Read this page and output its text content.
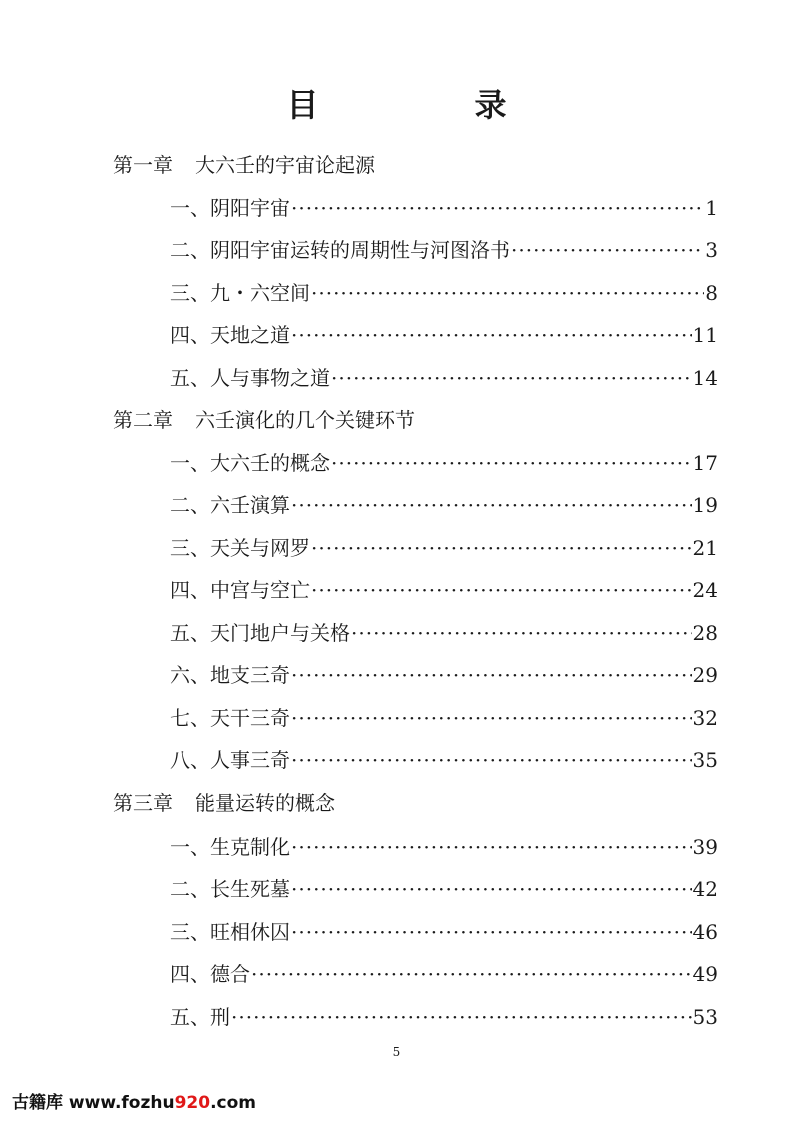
目　录
第一章 大六壬的宇宙论起源
一、阴阳宇宙 ·····	1
二、阴阳宇宙运转的周期性与河图洛书 ·····	3
三、九・六空间 ·····	8
四、天地之道 ·····	11
五、人与事物之道 ·····	14
第二章 六壬演化的几个关键环节
一、大六壬的概念 ·····	17
二、六壬演算 ·····	19
三、天关与网罗 ·····	21
四、中宫与空亡 ·····	24
五、天门地户与关格 ·····	28
六、地支三奇 ·····	29
七、天干三奇 ·····	32
八、人事三奇 ·····	35
第三章 能量运转的概念
一、生克制化 ·····	39
二、长生死墓 ·····	42
三、旺相休囚 ·····	46
四、德合 ·····	49
五、刑 ·····	53
5
古籍库 www.fozhu920.com
